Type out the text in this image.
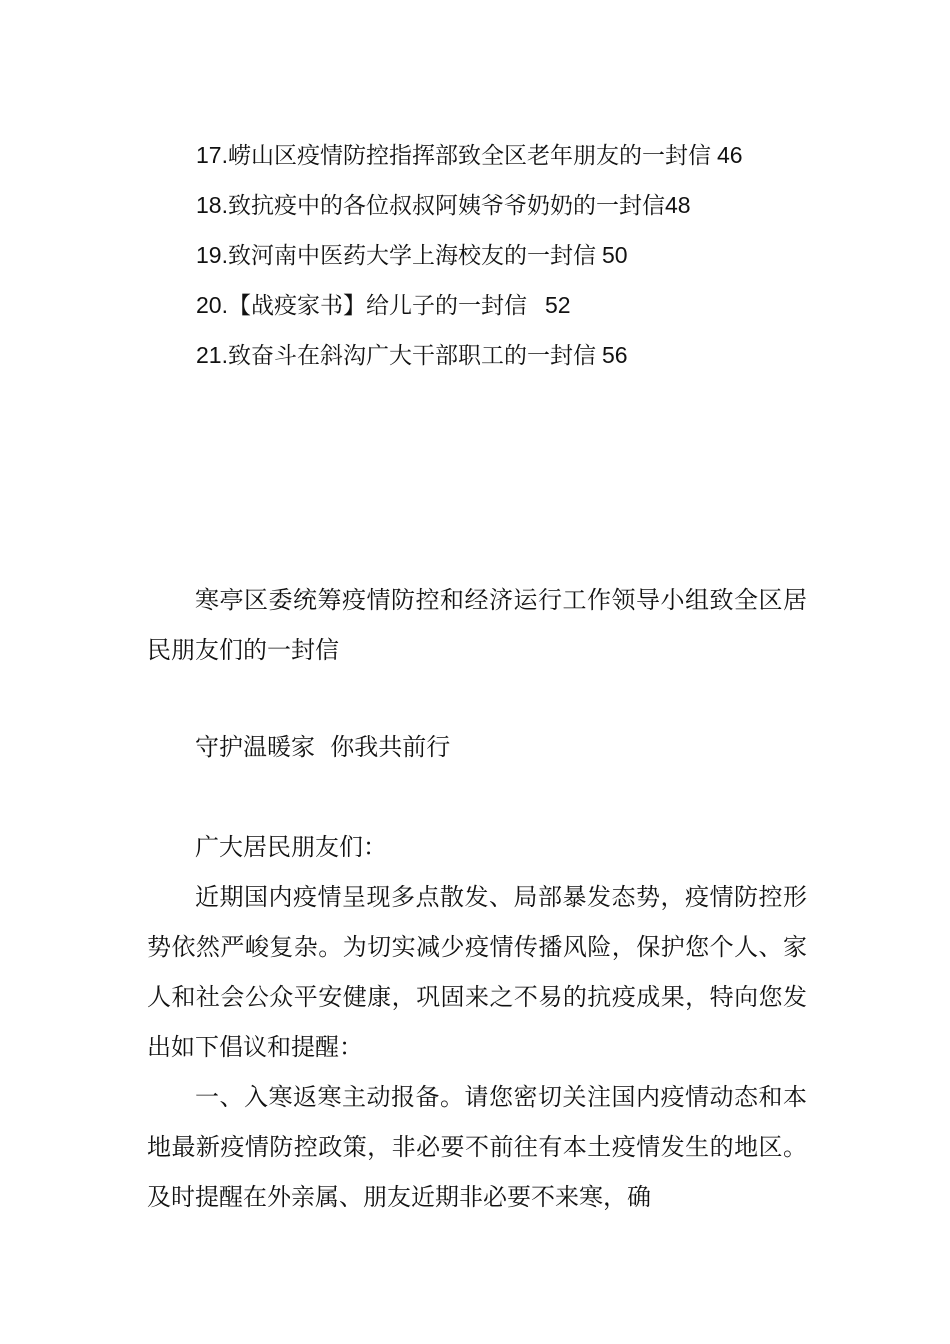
17.崂山区疫情防控指挥部致全区老年朋友的一封信 46
18.致抗疫中的各位叔叔阿姨爷爷奶奶的一封信48
19.致河南中医药大学上海校友的一封信 50
20.【战疫家书】给儿子的一封信 52
21.致奋斗在斜沟广大干部职工的一封信 56
寒亭区委统筹疫情防控和经济运行工作领导小组致全区居民朋友们的一封信
守护温暖家  你我共前行
广大居民朋友们：
近期国内疫情呈现多点散发、局部暴发态势，疫情防控形势依然严峻复杂。为切实减少疫情传播风险，保护您个人、家人和社会公众平安健康，巩固来之不易的抗疫成果，特向您发出如下倡议和提醒：
一、入寒返寒主动报备。请您密切关注国内疫情动态和本地最新疫情防控政策，非必要不前往有本土疫情发生的地区。及时提醒在外亲属、朋友近期非必要不来寒，确
